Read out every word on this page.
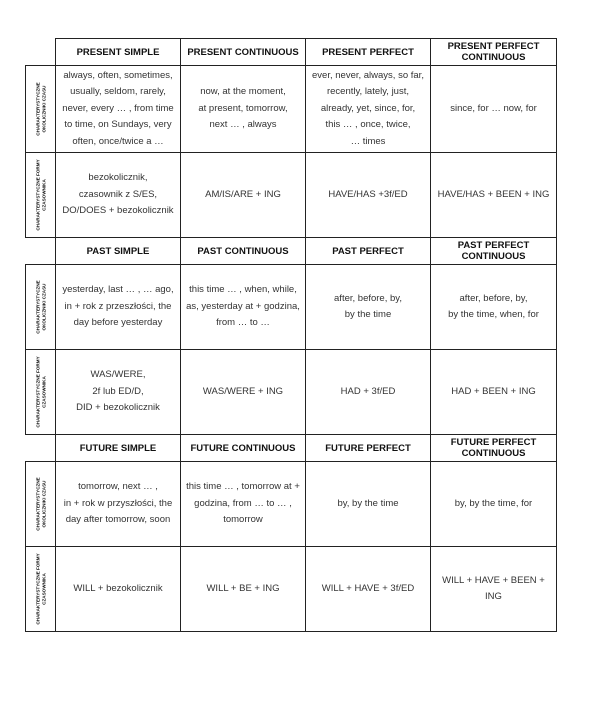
	PRESENT SIMPLE	PRESENT CONTINUOUS	PRESENT PERFECT	PRESENT PERFECT CONTINUOUS

CHARAKTERYSTYCZNE OKOLICZNIKI CZASU	always, often, sometimes,
usually, seldom, rarely,
never, every … , from time
to time, on Sundays, very
often, once/twice a …	now, at the moment,
at present, tomorrow,
next … , always	ever, never, always, so far,
recently, lately, just,
already, yet, since, for,
this … , once, twice,
… times	since, for … now, for

CHARAKTERYSTYCZNE FORMY CZASOWNIKA	bezokolicznik,
czasownik z S/ES,
DO/DOES + bezokolicznik	AM/IS/ARE + ING	HAVE/HAS +3f/ED	HAVE/HAS + BEEN + ING
	PAST SIMPLE	PAST CONTINUOUS	PAST PERFECT	PAST PERFECT CONTINUOUS

CHARAKTERYSTYCZNE OKOLICZNIKI CZASU	yesterday, last … , … ago,
in + rok z przeszłości, the
day before yesterday	this time … , when, while,
as, yesterday at + godzina,
from … to …	after, before, by,
by the time	after, before, by,
by the time, when, for

CHARAKTERYSTYCZNE FORMY CZASOWNIKA	WAS/WERE,
2f lub ED/D,
DID + bezokolicznik	WAS/WERE + ING	HAD + 3f/ED	HAD + BEEN + ING
	FUTURE SIMPLE	FUTURE CONTINUOUS	FUTURE PERFECT	FUTURE PERFECT CONTINUOUS

CHARAKTERYSTYCZNE OKOLICZNIKI CZASU	tomorrow, next … ,
in + rok w przyszłości, the
day after tomorrow, soon	this time … , tomorrow at +
godzina, from … to … ,
tomorrow	by, by the time	by, by the time, for

CHARAKTERYSTYCZNE FORMY CZASOWNIKA	WILL + bezokolicznik	WILL + BE + ING	WILL + HAVE + 3f/ED	WILL + HAVE + BEEN + ING
